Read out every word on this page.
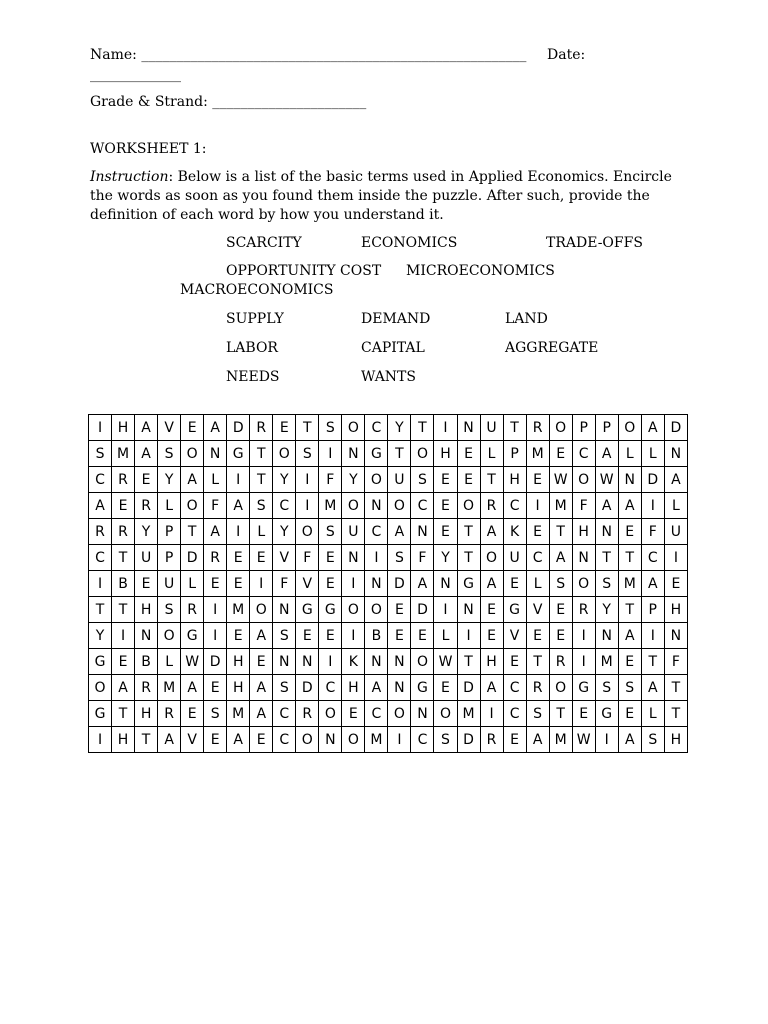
Name: _______________________________________________________ Date:
_____________
Grade & Strand: ______________________
WORKSHEET 1:
Instruction: Below is a list of the basic terms used in Applied Economics. Encircle the words as soon as you found them inside the puzzle. After such, provide the definition of each word by how you understand it.
SCARCITY	ECONOMICS	TRADE-OFFS
OPPORTUNITY COST MICROECONOMICS
MACROECONOMICS
SUPPLY	DEMAND	LAND
LABOR	CAPITAL	AGGREGATE
NEEDS	WANTS
I	H	A	V	E	A	D	R	E	T	S	O	C	Y	T	I	N	U	T	R	O	P	P	O	A	D
S	M	A	S	O	N	G	T	O	S	I	N	G	T	O	H	E	L	P	M	E	C	A	L	L	N
C	R	E	Y	A	L	I	T	Y	I	F	Y	O	U	S	E	E	T	H	E	W	O	W	N	D	A
A	E	R	L	O	F	A	S	C	I	M	O	N	O	C	E	O	R	C	I	M	F	A	A	I	L
R	R	Y	P	T	A	I	L	Y	O	S	U	C	A	N	E	T	A	K	E	T	H	N	E	F	U
C	T	U	P	D	R	E	E	V	F	E	N	I	S	F	Y	T	O	U	C	A	N	T	T	C	I
I	B	E	U	L	E	E	I	F	V	E	I	N	D	A	N	G	A	E	L	S	O	S	M	A	E
T	T	H	S	R	I	M	O	N	G	G	O	O	E	D	I	N	E	G	V	E	R	Y	T	P	H
Y	I	N	O	G	I	E	A	S	E	E	I	B	E	E	L	I	E	V	E	E	I	N	A	I	N
G	E	B	L	W	D	H	E	N	N	I	K	N	N	O	W	T	H	E	T	R	I	M	E	T	F
O	A	R	M	A	E	H	A	S	D	C	H	A	N	G	E	D	A	C	R	O	G	S	S	A	T
G	T	H	R	E	S	M	A	C	R	O	E	C	O	N	O	M	I	C	S	T	E	G	E	L	T
I	H	T	A	V	E	A	E	C	O	N	O	M	I	C	S	D	R	E	A	M	W	I	A	S	H
